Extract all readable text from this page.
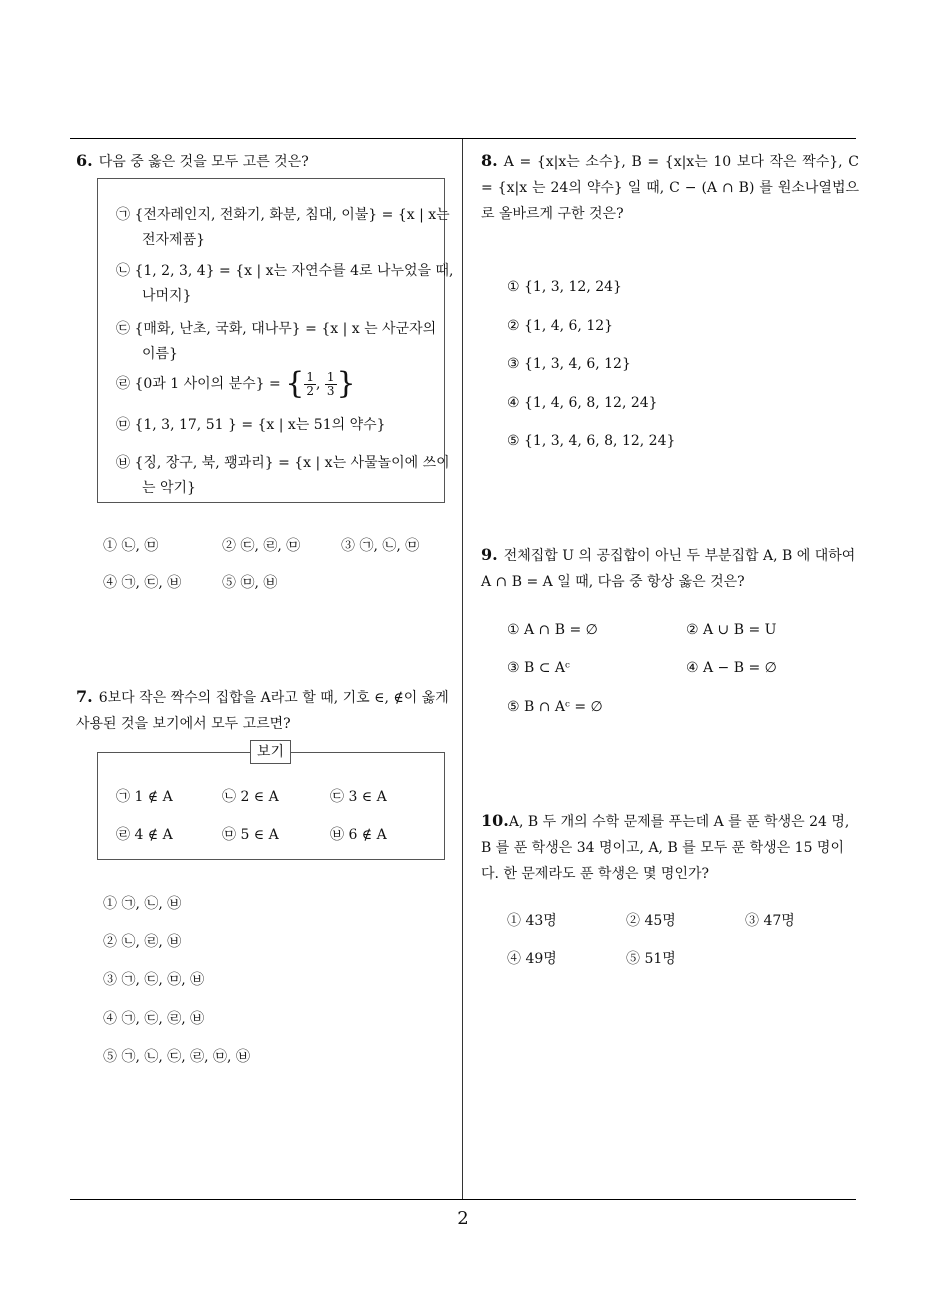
6. 다음 중 옳은 것을 모두 고른 것은?
㉠ {전자레인지, 전화기, 화분, 침대, 이불} = {x | x는 전자제품}
㉡ {1, 2, 3, 4} = {x | x는 자연수를 4로 나누었을 때, 나머지}
㉢ {매화, 난초, 국화, 대나무} = {x | x 는 사군자의 이름}
㉣ {0과 1 사이의 분수} = { $\frac{1}{2}$ , $\frac{1}{3}$ }
㉤ {1, 3, 17, 51 } = {x | x는 51의 약수}
㉥ {징, 장구, 북, 꽹과리} = {x | x는 사물놀이에 쓰이는 악기}
① ㉡, ㉤	② ㉢, ㉣, ㉤	③ ㉠, ㉡, ㉤
④ ㉠, ㉢, ㉥	⑤ ㉤, ㉥
7. 6보다 작은 짝수의 집합을 A라고 할 때, 기호 ∈, ∉이 옳게 사용된 것을 보기에서 모두 고르면?
㉠ 1 ∉ A	㉡ 2 ∈ A	㉢ 3 ∈ A
㉣ 4 ∉ A	㉤ 5 ∈ A	㉥ 6 ∉ A
보기
① ㉠, ㉡, ㉥
② ㉡, ㉣, ㉥
③ ㉠, ㉢, ㉤, ㉥
④ ㉠, ㉢, ㉣, ㉥
⑤ ㉠, ㉡, ㉢, ㉣, ㉤, ㉥
8. A = {x|x는 소수}, B = {x|x는 10 보다 작은 짝수}, C = {x|x 는 24의 약수} 일 때, C − (A ∩ B) 를 원소나열법으로 올바르게 구한 것은?
① {1, 3, 12, 24}
② {1, 4, 6, 12}
③ {1, 3, 4, 6, 12}
④ {1, 4, 6, 8, 12, 24}
⑤ {1, 3, 4, 6, 8, 12, 24}
9. 전체집합 U 의 공집합이 아닌 두 부분집합 A, B 에 대하여 A ∩ B = A 일 때, 다음 중 항상 옳은 것은?
① A ∩ B = ∅	② A ∪ B = U
③ B ⊂ Aᶜ	④ A − B = ∅
⑤ B ∩ Aᶜ = ∅
10.A, B 두 개의 수학 문제를 푸는데 A 를 푼 학생은 24 명, B 를 푼 학생은 34 명이고, A, B 를 모두 푼 학생은 15 명이다. 한 문제라도 푼 학생은 몇 명인가?
① 43명	② 45명	③ 47명
④ 49명	⑤ 51명
2
